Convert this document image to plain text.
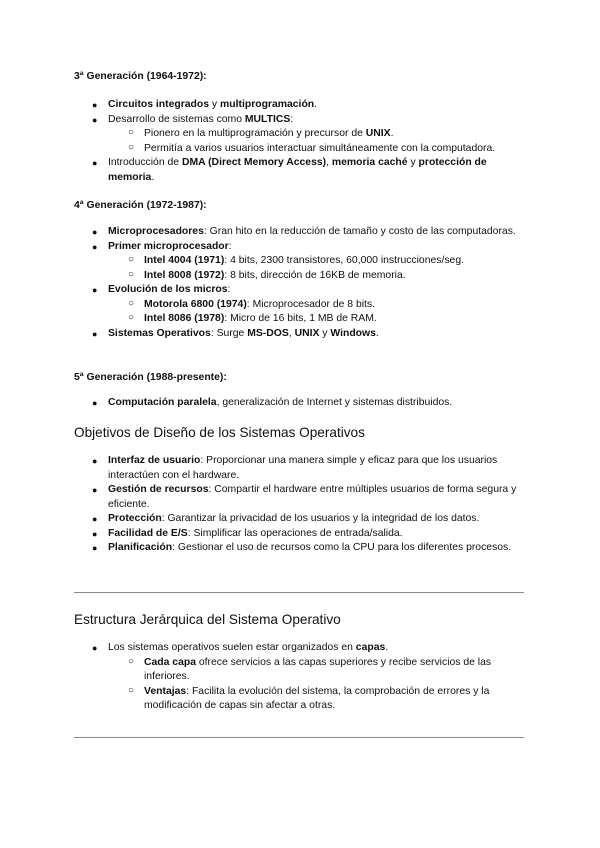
3ª Generación (1964-1972):
● Circuitos integrados y multiprogramación.
● Desarrollo de sistemas como MULTICS:
○ Pionero en la multiprogramación y precursor de UNIX.
○ Permitía a varios usuarios interactuar simultáneamente con la computadora.
● Introducción de DMA (Direct Memory Access), memoria caché y protección de memoria.
4ª Generación (1972-1987):
● Microprocesadores: Gran hito en la reducción de tamaño y costo de las computadoras.
● Primer microprocesador:
○ Intel 4004 (1971): 4 bits, 2300 transistores, 60,000 instrucciones/seg.
○ Intel 8008 (1972): 8 bits, dirección de 16KB de memoria.
● Evolución de los micros:
○ Motorola 6800 (1974): Microprocesador de 8 bits.
○ Intel 8086 (1978): Micro de 16 bits, 1 MB de RAM.
● Sistemas Operativos: Surge MS-DOS, UNIX y Windows.
5ª Generación (1988-presente):
● Computación paralela, generalización de Internet y sistemas distribuidos.
Objetivos de Diseño de los Sistemas Operativos
● Interfaz de usuario: Proporcionar una manera simple y eficaz para que los usuarios interactúen con el hardware.
● Gestión de recursos: Compartir el hardware entre múltiples usuarios de forma segura y eficiente.
● Protección: Garantizar la privacidad de los usuarios y la integridad de los datos.
● Facilidad de E/S: Simplificar las operaciones de entrada/salida.
● Planificación: Gestionar el uso de recursos como la CPU para los diferentes procesos.
Estructura Jerárquica del Sistema Operativo
● Los sistemas operativos suelen estar organizados en capas.
○ Cada capa ofrece servicios a las capas superiores y recibe servicios de las inferiores.
○ Ventajas: Facilita la evolución del sistema, la comprobación de errores y la modificación de capas sin afectar a otras.
